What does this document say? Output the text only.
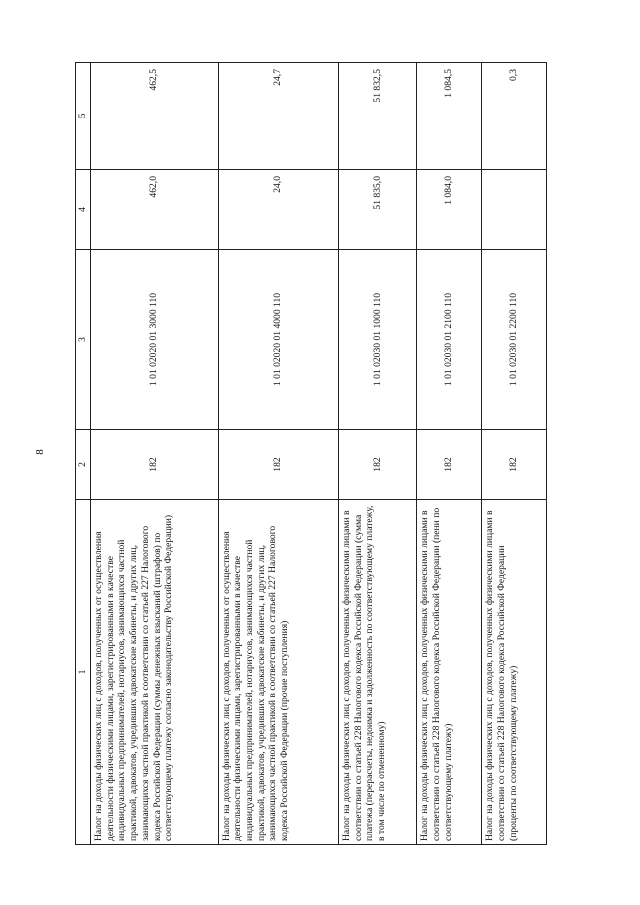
8
1	2	3	4	5
Налог на доходы физических лиц с доходов, полученных от осуществления деятельности физическими лицами, зарегистрированными в качестве индивидуальных предпринимателей, нотариусов, занимающихся частной практикой, адвокатов, учредивших адвокатские кабинеты, и других лиц, занимающихся частной практикой в соответствии со статьей 227 Налогового кодекса Российской Федерации (суммы денежных взысканий (штрафов) по соответствующему платежу согласно законодательству Российской Федерации)	182	1 01 02020 01 3000 110	462,0	462,5
Налог на доходы физических лиц с доходов, полученных от осуществления деятельности физическими лицами, зарегистрированными в качестве индивидуальных предпринимателей, нотариусов, занимающихся частной практикой, адвокатов, учредивших адвокатские кабинеты, и других лиц, занимающихся частной практикой в соответствии со статьей 227 Налогового кодекса Российской Федерации (прочие поступления)	182	1 01 02020 01 4000 110	24,0	24,7
Налог на доходы физических лиц с доходов, полученных физическими лицами в соответствии со статьей 228 Налогового кодекса Российской Федерации (сумма платежа (перерасчеты, недоимка и задолженность по соответствующему платежу, в том числе по отмененному)	182	1 01 02030 01 1000 110	51 835,0	51 832,5
Налог на доходы физических лиц с доходов, полученных физическими лицами в соответствии со статьей 228 Налогового кодекса Российской Федерации (пени по соответствующему платежу)	182	1 01 02030 01 2100 110	1 084,0	1 084,5
Налог на доходы физических лиц с доходов, полученных физическими лицами в соответствии со статьей 228 Налогового кодекса Российской Федерации (проценты по соответствующему платежу)	182	1 01 02030 01 2200 110		0,3
